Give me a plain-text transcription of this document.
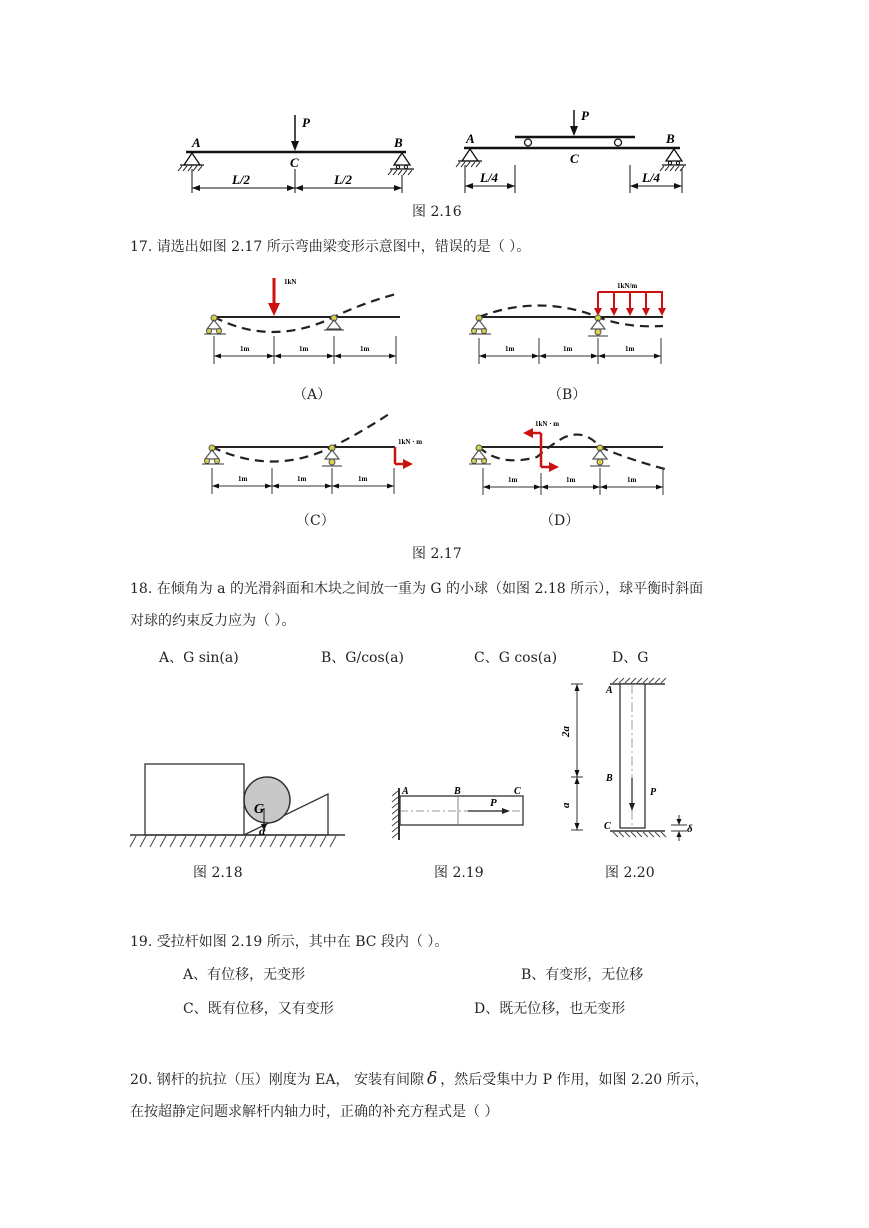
P
A	B
C
L/2	L/2
P
A	B
C
L/4	L/4
图 2.16
17. 请选出如图 2.17 所示弯曲梁变形示意图中，错误的是（ ）。
1kN
1m	1m	1m
（A）
1kN/m
1m	1m	1m
（B）
1kN · m
1m	1m	1m
（C）
1kN · m
1m	1m	1m
（D）
图 2.17
18. 在倾角为 a 的光滑斜面和木块之间放一重为 G 的小球（如图 2.18 所示），球平衡时斜面
对球的约束反力应为（ ）。
A、G sin(a)	B、G/cos(a)	C、G cos(a)	D、G
G
α
图 2.18
A	B	C
P
图 2.19
A
B
C
P
δ
2a
a
图 2.20
19. 受拉杆如图 2.19 所示，其中在 BC 段内（ ）。
A、有位移，无变形	B、有变形，无位移
C、既有位移，又有变形	D、既无位移，也无变形
20. 钢杆的抗拉（压）刚度为 EA， 安装有间隙 δ ，然后受集中力 P 作用，如图 2.20 所示，
在按超静定问题求解杆内轴力时，正确的补充方程式是（ ）
